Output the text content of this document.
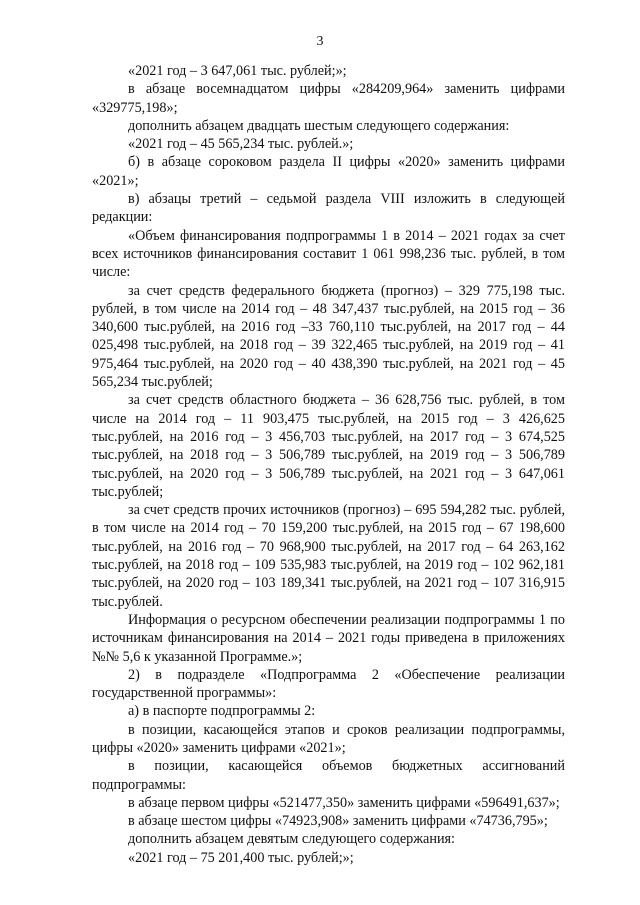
3

«2021 год – 3 647,061 тыс. рублей;»;

в абзаце восемнадцатом цифры «284209,964» заменить цифрами «329775,198»;

дополнить абзацем двадцать шестым следующего содержания:

«2021 год – 45 565,234 тыс. рублей.»;

б) в абзаце сороковом раздела II цифры «2020» заменить цифрами «2021»;

в) абзацы третий – седьмой раздела VIII изложить в следующей редакции:

«Объем финансирования подпрограммы 1 в 2014 – 2021 годах за счет всех источников финансирования составит 1 061 998,236 тыс. рублей, в том числе:

за счет средств федерального бюджета (прогноз) – 329 775,198 тыс. рублей, в том числе на 2014 год – 48 347,437 тыс.рублей, на 2015 год – 36 340,600 тыс.рублей, на 2016 год –33 760,110 тыс.рублей, на 2017 год – 44 025,498 тыс.рублей, на 2018 год – 39 322,465 тыс.рублей, на 2019 год – 41 975,464 тыс.рублей, на 2020 год – 40 438,390 тыс.рублей, на 2021 год – 45 565,234 тыс.рублей;

за счет средств областного бюджета – 36 628,756 тыс. рублей, в том числе на 2014 год – 11 903,475 тыс.рублей, на 2015 год – 3 426,625 тыс.рублей, на 2016 год – 3 456,703 тыс.рублей, на 2017 год – 3 674,525 тыс.рублей, на 2018 год – 3 506,789 тыс.рублей, на 2019 год – 3 506,789 тыс.рублей, на 2020 год – 3 506,789 тыс.рублей, на 2021 год – 3 647,061 тыс.рублей;

за счет средств прочих источников (прогноз) – 695 594,282 тыс. рублей, в том числе на 2014 год – 70 159,200 тыс.рублей, на 2015 год – 67 198,600 тыс.рублей, на 2016 год – 70 968,900 тыс.рублей, на 2017 год – 64 263,162 тыс.рублей, на 2018 год – 109 535,983 тыс.рублей, на 2019 год – 102 962,181 тыс.рублей, на 2020 год – 103 189,341 тыс.рублей, на 2021 год – 107 316,915 тыс.рублей.

Информация о ресурсном обеспечении реализации подпрограммы 1 по источникам финансирования на 2014 – 2021 годы приведена в приложениях №№ 5,6 к указанной Программе.»;

2) в подразделе «Подпрограмма 2 «Обеспечение реализации государственной программы»:

а) в паспорте подпрограммы 2:

в позиции, касающейся этапов и сроков реализации подпрограммы, цифры «2020» заменить цифрами «2021»;

в позиции, касающейся объемов бюджетных ассигнований подпрограммы:

в абзаце первом цифры «521477,350» заменить цифрами «596491,637»;

в абзаце шестом цифры «74923,908» заменить цифрами «74736,795»;

дополнить абзацем девятым следующего содержания:

«2021 год – 75 201,400 тыс. рублей;»;
